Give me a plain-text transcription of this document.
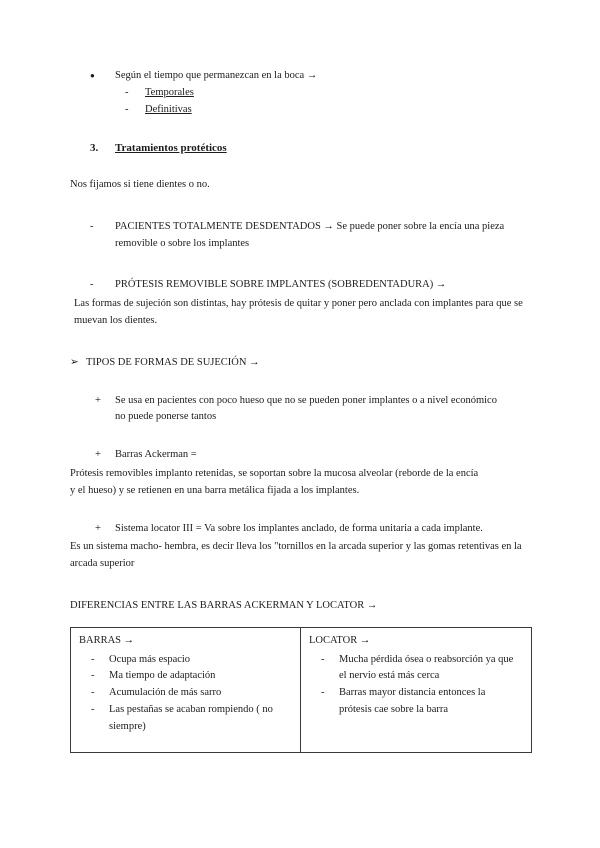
●	Según el tiempo que permanezcan en la boca →
-	Temporales
-	Definitivas
3.	Tratamientos protéticos
Nos fijamos si tiene dientes o no.
-	PACIENTES TOTALMENTE DESDENTADOS → Se puede poner sobre la encía una pieza removible o sobre los implantes
-	PRÓTESIS REMOVIBLE SOBRE IMPLANTES (SOBREDENTADURA) →
Las formas de sujeción son distintas, hay prótesis de quitar y poner pero anclada con implantes para que se muevan los dientes.
➢ TIPOS DE FORMAS DE SUJECIÓN →
+	Se usa en pacientes con poco hueso que no se pueden poner implantes o a nivel económico no puede ponerse tantos
+	Barras Ackerman =
Prótesis removibles implanto retenidas, se soportan sobre la mucosa alveolar (reborde de la encía y el hueso) y se retienen en una barra metálica fijada a los implantes.
+	Sistema locator III = Va sobre los implantes anclado, de forma unitaria a cada implante.
Es un sistema macho- hembra, es decir lleva los "tornillos en la arcada superior y las gomas retentivas en la arcada superior
DIFERENCIAS ENTRE LAS BARRAS ACKERMAN Y LOCATOR →
BARRAS →
-	Ocupa más espacio
-	Ma tiempo de adaptación
-	Acumulación de más sarro
-	Las pestañas se acaban rompiendo ( no siempre)
LOCATOR →
-	Mucha pérdida ósea o reabsorción ya que el nervio está más cerca
-	Barras mayor distancia entonces la prótesis cae sobre la barra
